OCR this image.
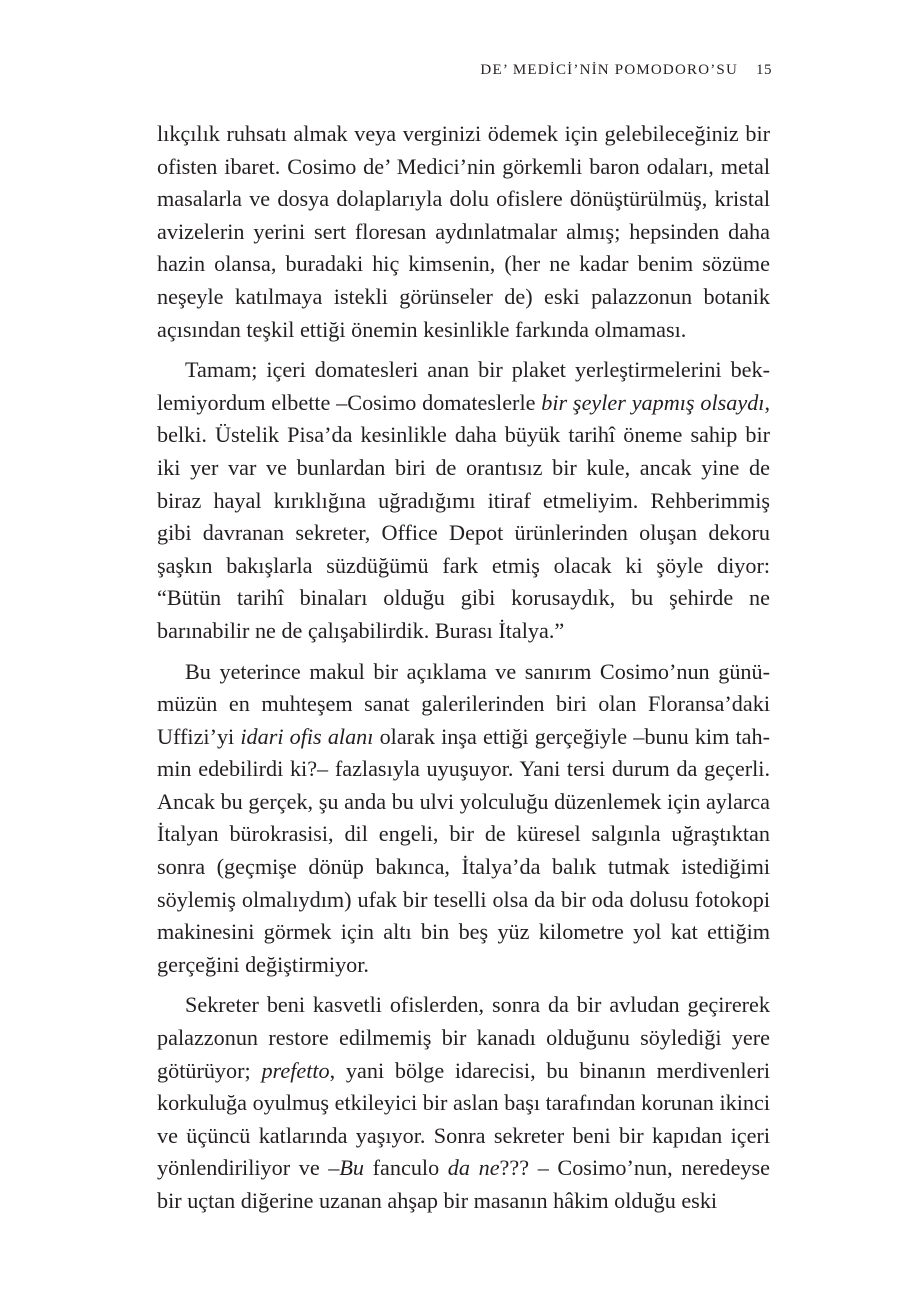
DE’ MEDİCİ’NİN POMODORO’SU 15

lıkçılık ruhsatı almak veya verginizi ödemek için gelebileceğiniz bir ofisten ibaret. Cosimo de’ Medici’nin görkemli baron odaları, metal masalarla ve dosya dolaplarıyla dolu ofislere dönüştürülmüş, kristal avizelerin yerini sert floresan aydınlatmalar almış; hepsinden daha hazin olansa, buradaki hiç kimsenin, (her ne kadar benim sözüme neşeyle katılmaya istekli görünseler de) eski palazzonun botanik açısından teşkil ettiği önemin kesinlikle farkında olmaması.

Tamam; içeri domatesleri anan bir plaket yerleştirmelerini beklemiyordum elbette –Cosimo domateslerle bir şeyler yapmış olsaydı, belki. Üstelik Pisa’da kesinlikle daha büyük tarihî öneme sahip bir iki yer var ve bunlardan biri de orantısız bir kule, ancak yine de biraz hayal kırıklığına uğradığımı itiraf etmeliyim. Rehberimmiş gibi davranan sekreter, Office Depot ürünlerinden oluşan dekoru şaşkın bakışlarla süzdüğümü fark etmiş olacak ki şöyle diyor: “Bütün tarihî binaları olduğu gibi korusaydık, bu şehirde ne barınabilir ne de çalışabilirdik. Burası İtalya.”

Bu yeterince makul bir açıklama ve sanırım Cosimo’nun günümüzün en muhteşem sanat galerilerinden biri olan Floransa’daki Uffizi’yi idari ofis alanı olarak inşa ettiği gerçeğiyle –bunu kim tahmin edebilirdi ki?– fazlasıyla uyuşuyor. Yani tersi durum da geçerli. Ancak bu gerçek, şu anda bu ulvi yolculuğu düzenlemek için aylarca İtalyan bürokrasisi, dil engeli, bir de küresel salgınla uğraştıktan sonra (geçmişe dönüp bakınca, İtalya’da balık tutmak istediğimi söylemiş olmalıydım) ufak bir teselli olsa da bir oda dolusu fotokopi makinesini görmek için altı bin beş yüz kilometre yol kat ettiğim gerçeğini değiştirmiyor.

Sekreter beni kasvetli ofislerden, sonra da bir avludan geçirerek palazzonun restore edilmemiş bir kanadı olduğunu söylediği yere götürüyor; prefetto, yani bölge idarecisi, bu binanın merdivenleri korkuluğa oyulmuş etkileyici bir aslan başı tarafından korunan ikinci ve üçüncü katlarında yaşıyor. Sonra sekreter beni bir kapıdan içeri yönlendiriliyor ve –Bu fanculo da ne??? – Cosimo’nun, neredeyse bir uçtan diğerine uzanan ahşap bir masanın hâkim olduğu eski
